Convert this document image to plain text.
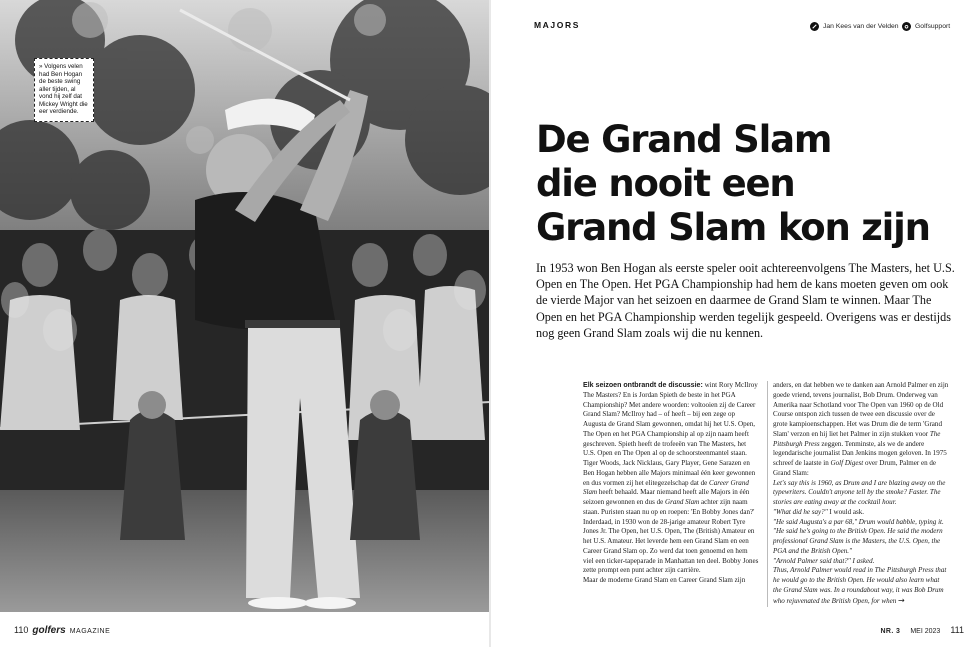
» Volgens velen had Ben Hogan de beste swing aller tijden, al vond hij zelf dat Mickey Wright die eer verdiende.
110 golfers MAGAZINE
MAJORS	Jan Kees van der Velden Golfsupport
De Grand Slam
die nooit een
Grand Slam kon zijn

In 1953 won Ben Hogan als eerste speler ooit achtereenvolgens The Masters, het U.S. Open en The Open. Het PGA Championship had hem de kans moeten geven om ook de vierde Major van het seizoen en daarmee de Grand Slam te winnen. Maar The Open en het PGA Championship werden tegelijk gespeeld. Overigens was er destijds nog geen Grand Slam zoals wij die nu kennen.

Elk seizoen ontbrandt de discussie: wint Rory McIlroy The Masters? En is Jordan Spieth de beste in het PGA Championship? Met andere woorden: voltooien zij de Career Grand Slam? McIlroy had – of heeft – bij een zege op Augusta de Grand Slam gewonnen, omdat hij het U.S. Open, The Open en het PGA Championship al op zijn naam heeft geschreven. Spieth heeft de trofeeën van The Masters, het U.S. Open en The Open al op de schoorsteenmantel staan.

Tiger Woods, Jack Nicklaus, Gary Player, Gene Sarazen en Ben Hogan hebben alle Majors minimaal één keer gewonnen en dus vormen zij het elitegezelschap dat de Career Grand Slam heeft behaald. Maar niemand heeft alle Majors in één seizoen gewonnen en dus de Grand Slam achter zijn naam staan. Puristen staan nu op en roepen: 'En Bobby Jones dan?' Inderdaad, in 1930 won de 28-jarige amateur Robert Tyre Jones Jr. The Open, het U.S. Open, The (British) Amateur en het U.S. Amateur. Het leverde hem een Grand Slam en een Career Grand Slam op. Zo werd dat toen genoemd en hem viel een ticker-tapeparade in Manhattan ten deel. Bobby Jones zette prompt een punt achter zijn carrière.

Maar de moderne Grand Slam en Career Grand Slam zijn

anders, en dat hebben we te danken aan Arnold Palmer en zijn goede vriend, tevens journalist, Bob Drum. Onderweg van Amerika naar Schotland voor The Open van 1960 op de Old Course ontspon zich tussen de twee een discussie over de grote kampioenschappen. Het was Drum die de term 'Grand Slam' verzon en hij liet het Palmer in zijn stukken voor The Pittsburgh Press zeggen. Tenminste, als we de andere legendarische journalist Dan Jenkins mogen geloven. In 1975 schreef de laatste in Golf Digest over Drum, Palmer en de Grand Slam:

Let's say this is 1960, as Drum and I are blazing away on the typewriters. Couldn't anyone tell by the smoke? Faster. The stories are eating away at the cocktail hour.

"What did he say?" I would ask.

"He said Augusta's a par 68," Drum would babble, typing it. "He said he's going to the British Open. He said the modern professional Grand Slam is the Masters, the U.S. Open, the PGA and the British Open."

"Arnold Palmer said that?" I asked.

Thus, Arnold Palmer would read in The Pittsburgh Press that he would go to the British Open. He would also learn what the Grand Slam was. In a roundabout way, it was Bob Drum who rejuvenated the British Open, for when →

NR. 3 MEI 2023 111
